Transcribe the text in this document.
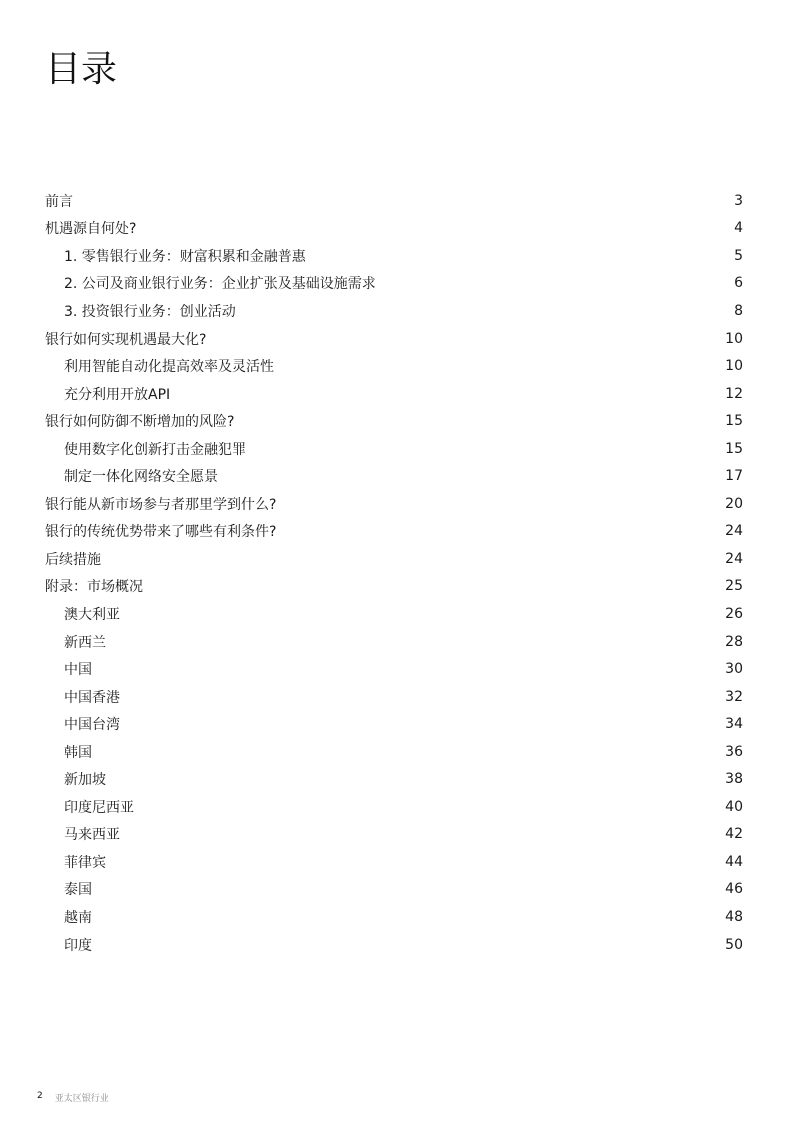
目录
前言	3
机遇源自何处?	4
1. 零售银行业务：财富积累和金融普惠	5
2. 公司及商业银行业务：企业扩张及基础设施需求	6
3. 投资银行业务：创业活动	8
银行如何实现机遇最大化?	10
利用智能自动化提高效率及灵活性	10
充分利用开放API	12
银行如何防御不断增加的风险?	15
使用数字化创新打击金融犯罪	15
制定一体化网络安全愿景	17
银行能从新市场参与者那里学到什么?	20
银行的传统优势带来了哪些有利条件?	24
后续措施	24
附录：市场概况	25
澳大利亚	26
新西兰	28
中国	30
中国香港	32
中国台湾	34
韩国	36
新加坡	38
印度尼西亚	40
马来西亚	42
菲律宾	44
泰国	46
越南	48
印度	50
2 亚太区银行业
